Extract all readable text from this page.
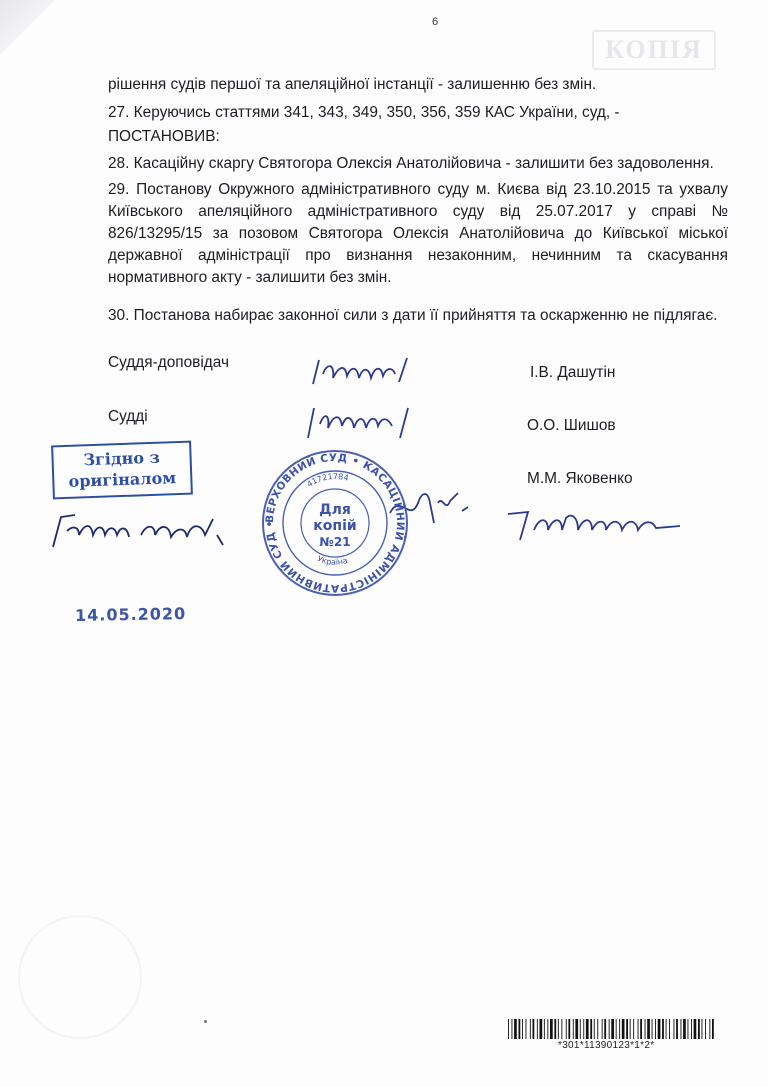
6
КОПІЯ
рішення судів першої та апеляційної інстанції - залишенню без змін.
27. Керуючись статтями 341, 343, 349, 350, 356, 359 КАС України, суд, -
ПОСТАНОВИВ:
28. Касаційну скаргу Святогора Олексія Анатолійовича - залишити без задоволення.
29. Постанову Окружного адміністративного суду м. Києва від 23.10.2015 та ухвалу Київського апеляційного адміністративного суду від 25.07.2017 у справі № 826/13295/15 за позовом Святогора Олексія Анатолійовича до Київської міської державної адміністрації про визнання незаконним, нечинним та скасування нормативного акту - залишити без змін.
30. Постанова набирає законної сили з дати її прийняття та оскарженню не підлягає.
Суддя-доповідач
Судді
І.В. Дашутін
О.О. Шишов
М.М. Яковенко
Згідно з
оригіналом
14.05.2020
ВЕРХОВНИЙ СУД • КАСАЦІЙНИЙ АДМІНІСТРАТИВНИЙ СУД •
41721784
Україна
Для
копій
№21
*301*11390123*1*2*
